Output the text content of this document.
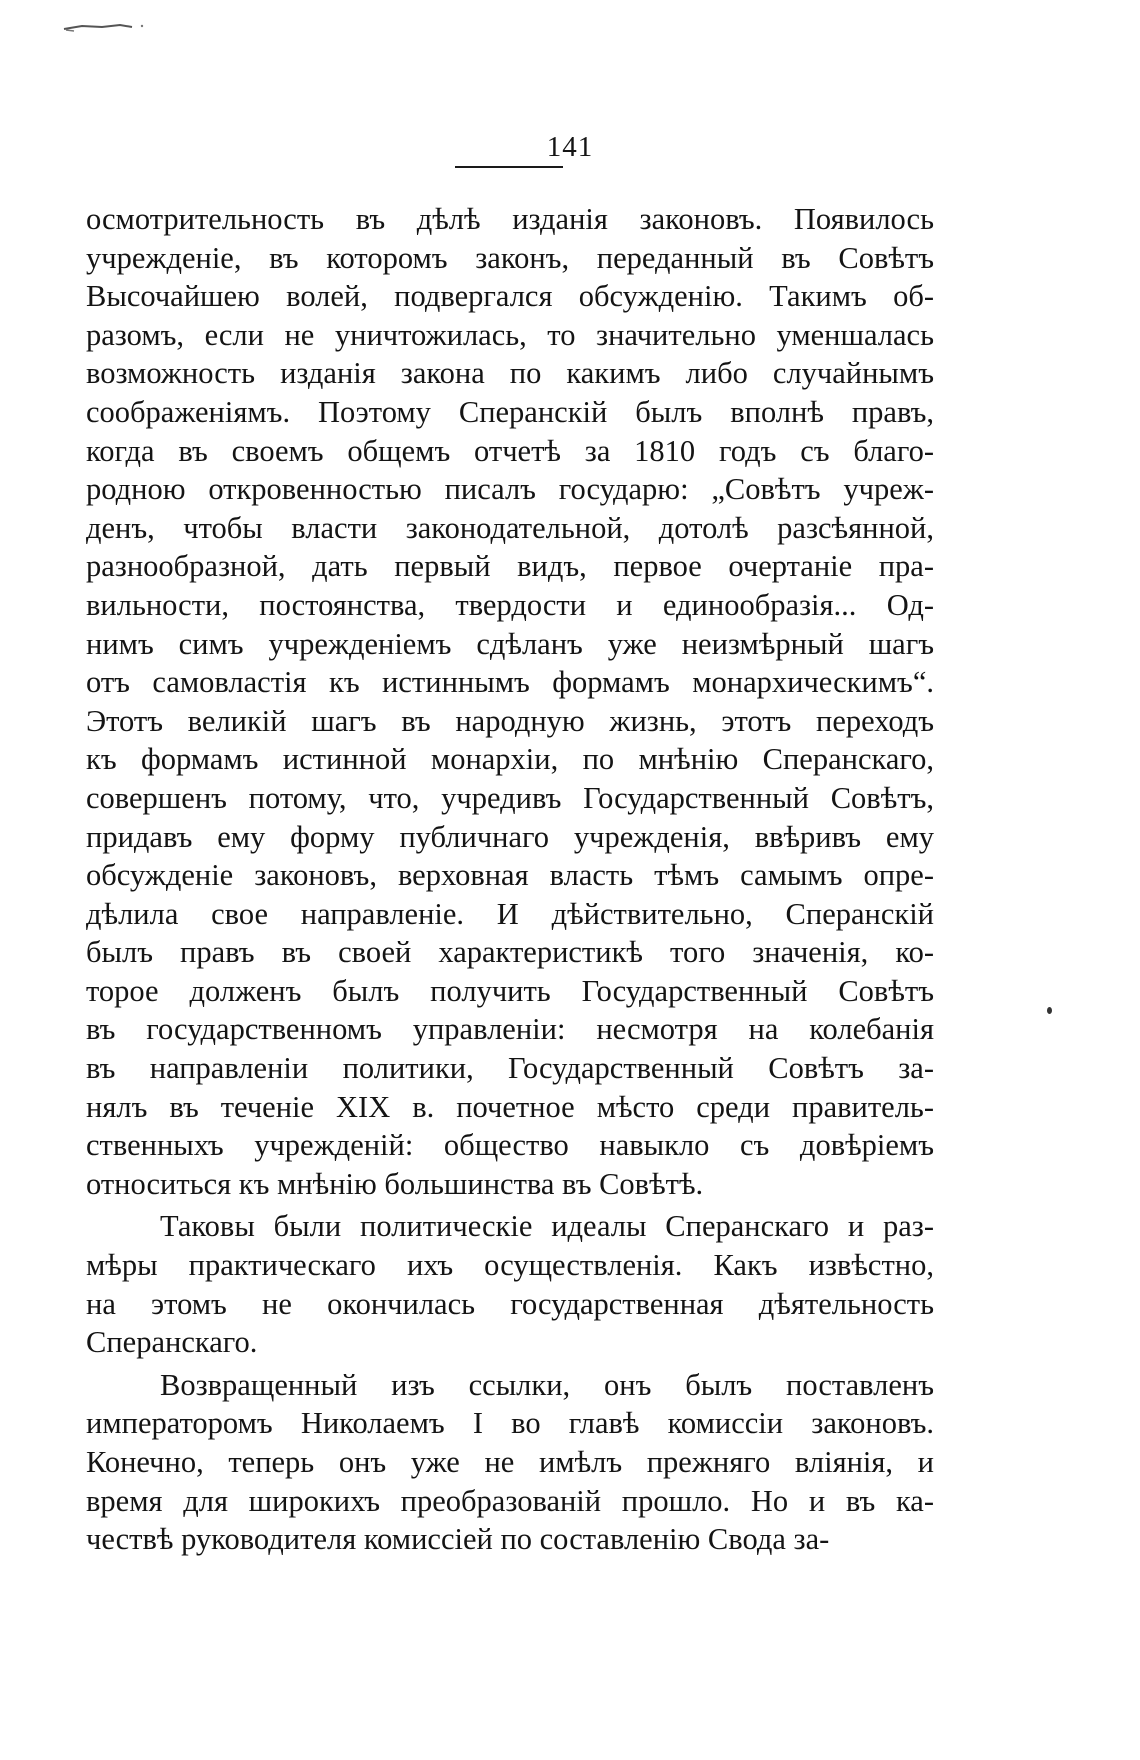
141
осмотрительность въ дѣлѣ изданія законовъ. Появилось
учрежденіе, въ которомъ законъ, переданный въ Совѣтъ
Высочайшею волей, подвергался обсужденію. Такимъ об-
разомъ, если не уничтожилась, то значительно уменшалась
возможность изданія закона по какимъ либо случайнымъ
соображеніямъ. Поэтому Сперанскій былъ вполнѣ правъ,
когда въ своемъ общемъ отчетѣ за 1810 годъ съ благо-
родною откровенностью писалъ государю: „Совѣтъ учреж-
денъ, чтобы власти законодательной, дотолѣ разсѣянной,
разнообразной, дать первый видъ, первое очертаніе пра-
вильности, постоянства, твердости и единообразія... Од-
нимъ симъ учрежденіемъ сдѣланъ уже неизмѣрный шагъ
отъ самовластія къ истиннымъ формамъ монархическимъ“.
Этотъ великій шагъ въ народную жизнь, этотъ переходъ
къ формамъ истинной монархіи, по мнѣнію Сперанскаго,
совершенъ потому, что, учредивъ Государственный Совѣтъ,
придавъ ему форму публичнаго учрежденія, ввѣривъ ему
обсужденіе законовъ, верховная власть тѣмъ самымъ опре-
дѣлила свое направленіе. И дѣйствительно, Сперанскій
былъ правъ въ своей характеристикѣ того значенія, ко-
торое долженъ былъ получить Государственный Совѣтъ
въ государственномъ управленіи: несмотря на колебанія
въ направленіи политики, Государственный Совѣтъ за-
нялъ въ теченіе XIX в. почетное мѣсто среди правитель-
ственныхъ учрежденій: общество навыкло съ довѣріемъ
относиться къ мнѣнію большинства въ Совѣтѣ.
Таковы были политическіе идеалы Сперанскаго и раз-
мѣры практическаго ихъ осуществленія. Какъ извѣстно,
на этомъ не окончилась государственная дѣятельность
Сперанскаго.
Возвращенный изъ ссылки, онъ былъ поставленъ
императоромъ Николаемъ I во главѣ комиссіи законовъ.
Конечно, теперь онъ уже не имѣлъ прежняго вліянія, и
время для широкихъ преобразованій прошло. Но и въ ка-
чествѣ руководителя комиссіей по составленію Свода за-
